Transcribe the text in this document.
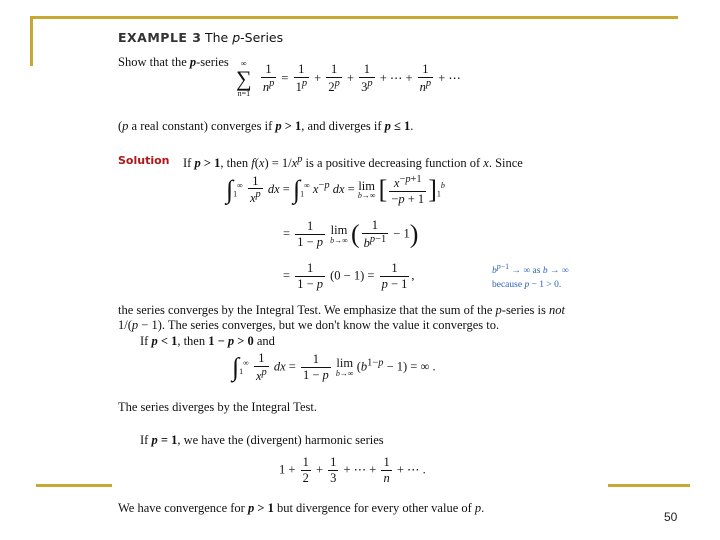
EXAMPLE 3 The p-Series
Show that the p-series	∞
∑
n=1
$\frac{1}{n^p} = \frac{1}{1^p} + \frac{1}{2^p} + \frac{1}{3^p}$ + ⋯ + $\frac{1}{n^p}$ + ⋯
(p a real constant) converges if p > 1, and diverges if p ≤ 1.
Solution If p > 1, then $f(x) = 1/x^p$ is a positive decreasing function of x. Since
$\int_1^\infty \frac{1}{x^p}$ dx = $\int_1^\infty$ $x^{-p}$ dx = lim
b→∞ [ $\frac{x^{-p+1}}{-p + 1} ]_1^b$
= $\frac{1}{1 - p}$ lim
b→∞ ( $\frac{1}{b^{p-1}} - 1$)
= $\frac{1}{1 - p} (0 - 1) = \frac{1}{p - 1}$ ,	$b^{p-1}$ → ∞ as b → ∞
because p − 1 > 0.
the series converges by the Integral Test. We emphasize that the sum of the p-series is not
1/(p − 1). The series converges, but we don't know the value it converges to.
If p < 1, then 1 − p > 0 and
$\int_1^\infty \frac{1}{x^p}$ dx = $\frac{1}{1 - p}$ lim
b→∞ $(b^{1-p} - 1)$ = ∞ .
The series diverges by the Integral Test.
If p = 1, we have the (divergent) harmonic series
$1 + \frac{1}{2} + \frac{1}{3}$ + ⋯ + $\frac{1}{n}$ + ⋯ .
We have convergence for p > 1 but divergence for every other value of p.
50
